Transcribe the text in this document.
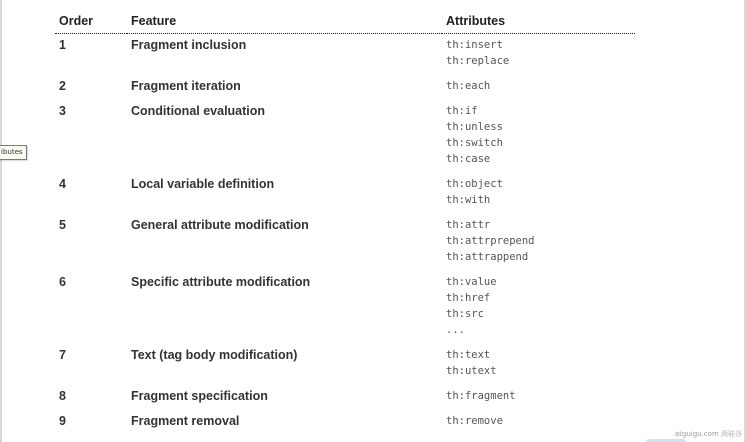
ibutes
Order	Feature	Attributes
1	Fragment inclusion	th:insert
th:replace

2	Fragment iteration	th:each

3	Conditional evaluation	th:if
th:unless
th:switch
th:case

4	Local variable definition	th:object
th:with

5	General attribute modification	th:attr
th:attrprepend
th:attrappend

6	Specific attribute modification	th:value
th:href
th:src
...

7	Text (tag body modification)	th:text
th:utext

8	Fragment specification	th:fragment

9	Fragment removal	th:remove
atguigu.com 尚硅谷
